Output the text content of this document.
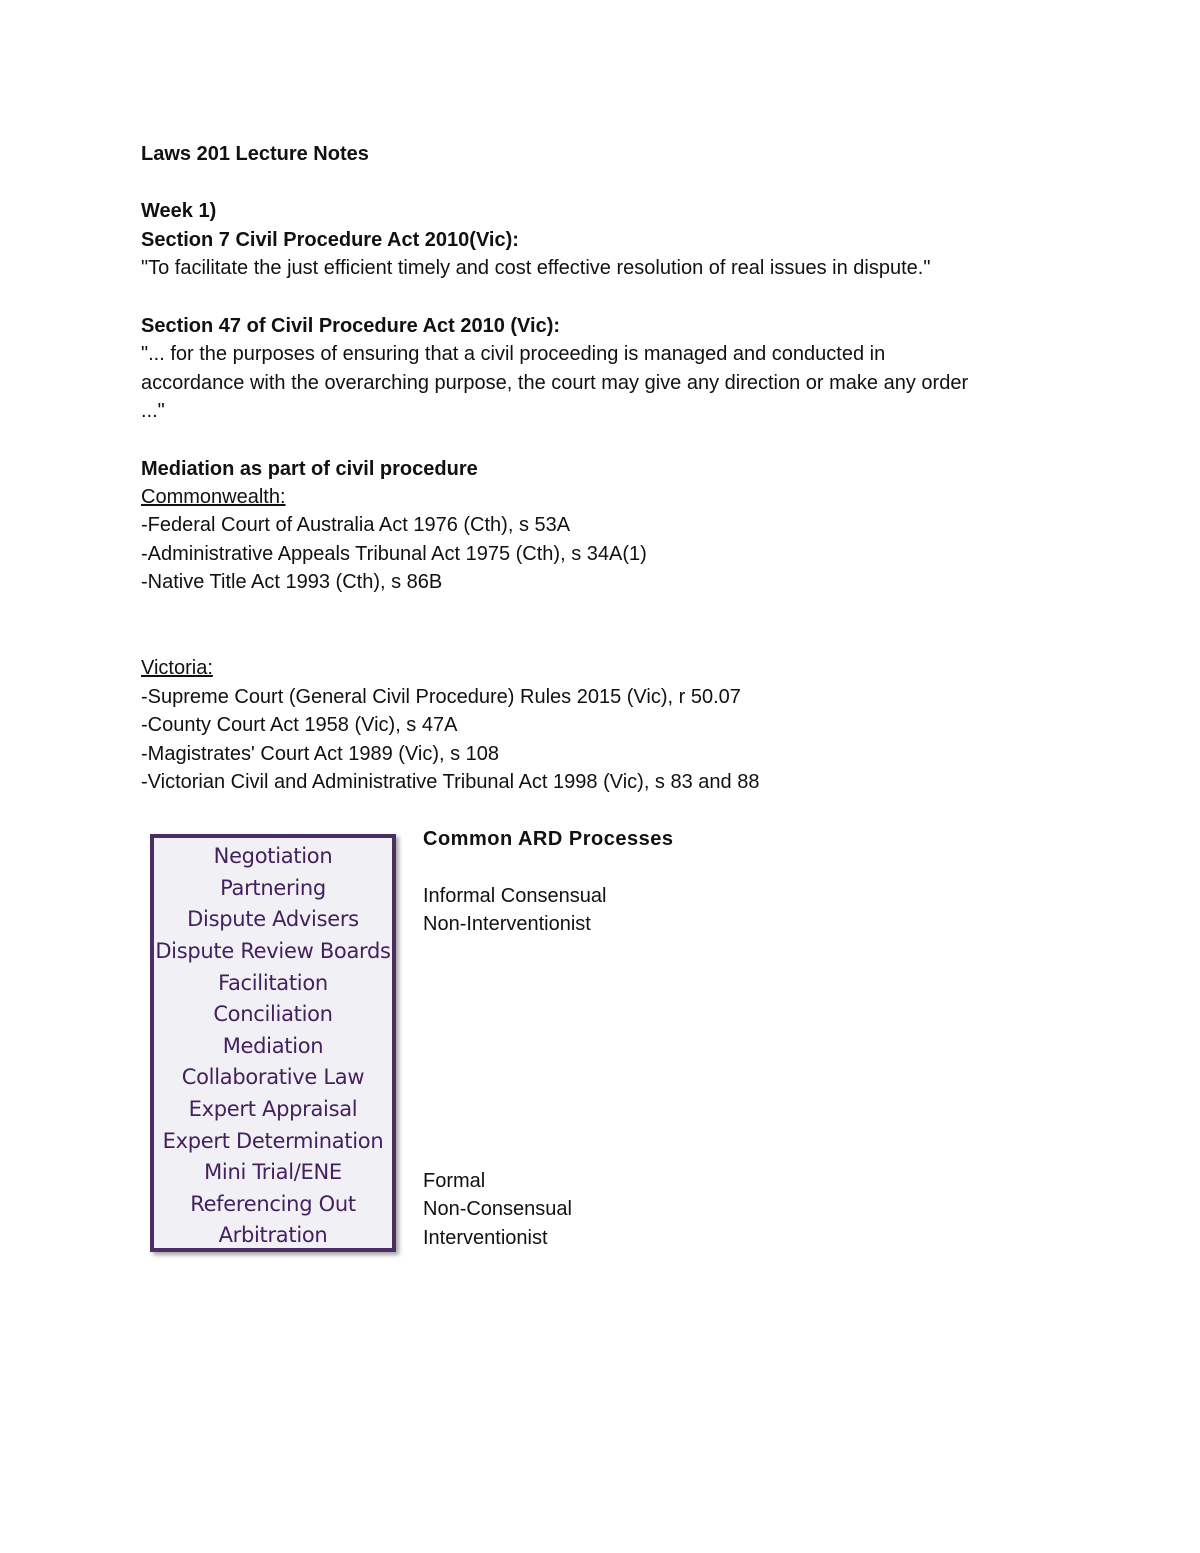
Laws 201 Lecture Notes
Week 1)
Section 7 Civil Procedure Act 2010(Vic):
"To facilitate the just efficient timely and cost effective resolution of real issues in dispute."
Section 47 of Civil Procedure Act 2010 (Vic):
"... for the purposes of ensuring that a civil proceeding is managed and conducted in
accordance with the overarching purpose, the court may give any direction or make any order
..."
Mediation as part of civil procedure
Commonwealth:
-Federal Court of Australia Act 1976 (Cth), s 53A
-Administrative Appeals Tribunal Act 1975 (Cth), s 34A(1)
-Native Title Act 1993 (Cth), s 86B
Victoria:
-Supreme Court (General Civil Procedure) Rules 2015 (Vic), r 50.07
-County Court Act 1958 (Vic), s 47A
-Magistrates' Court Act 1989 (Vic), s 108
-Victorian Civil and Administrative Tribunal Act 1998 (Vic), s 83 and 88
Negotiation
Partnering
Dispute Advisers
Dispute Review Boards
Facilitation
Conciliation
Mediation
Collaborative Law
Expert Appraisal
Expert Determination
Mini Trial/ENE
Referencing Out
Arbitration
Common ARD Processes
Informal Consensual
Non-Interventionist
Formal
Non-Consensual
Interventionist
